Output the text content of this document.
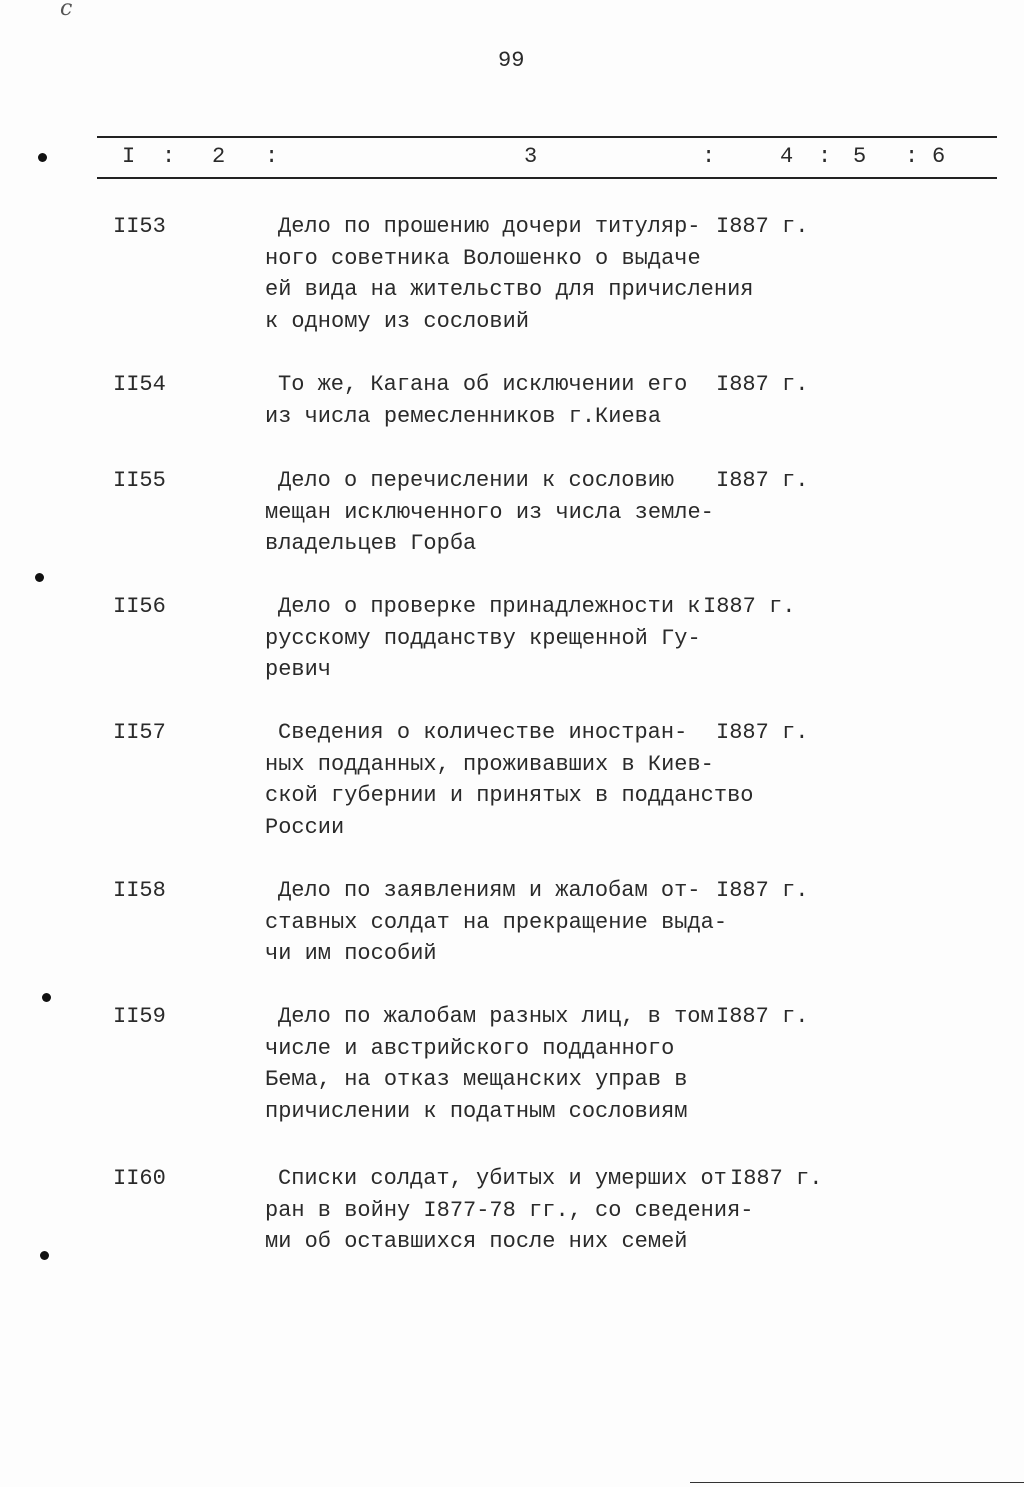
с
99
I : 2 :	3	:	4 : 5 : 6
II53	Дело по прошению дочери титуляр-
ного советника Волошенко о выдаче
ей вида на жительство для причисления
к одному из сословий
I887 г.
II54	То же, Кагана об исключении его
из числа ремесленников г.Киева
I887 г.
II55	Дело о перечислении к сословию
мещан исключенного из числа земле-
владельцев Горба
I887 г.
II56	Дело о проверке принадлежности к
русскому подданству крещенной Гу-
ревич
I887 г.
II57	Сведения о количестве иностран-
ных подданных, проживавших в Киев-
ской губернии и принятых в подданство
России
I887 г.
II58	Дело по заявлениям и жалобам от-
ставных солдат на прекращение выда-
чи им пособий
I887 г.
II59	Дело по жалобам разных лиц, в том
числе и австрийского подданного
Бема, на отказ мещанских управ в
причислении к податным сословиям
I887 г.
II60	Списки солдат, убитых и умерших от
ран в войну I877-78 гг., со сведения-
ми об оставшихся после них семей
I887 г.
